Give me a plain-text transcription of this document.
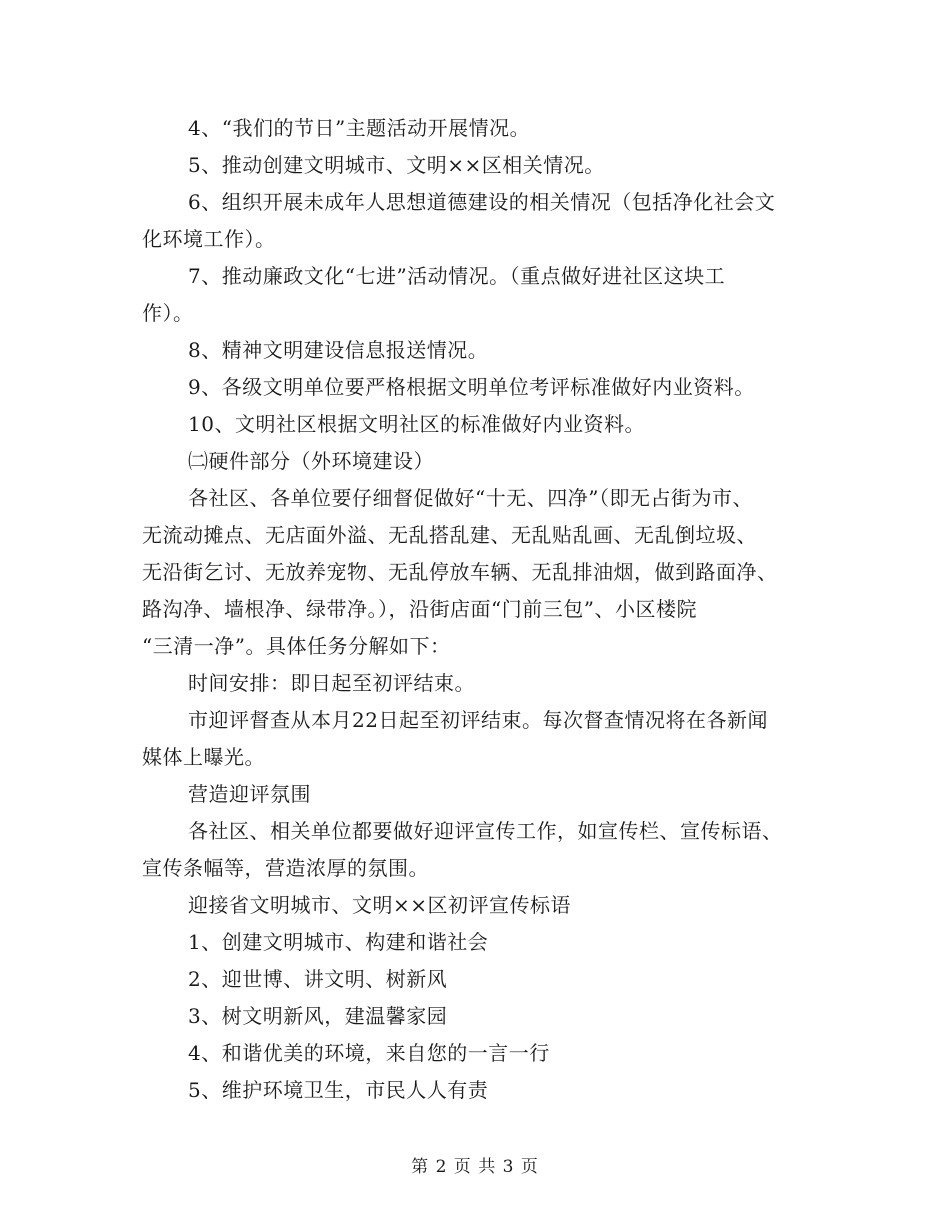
4、“我们的节日”主题活动开展情况。
5、推动创建文明城市、文明××区相关情况。
6、组织开展未成年人思想道德建设的相关情况（包括净化社会文
化环境工作）。
7、推动廉政文化“七进”活动情况。（重点做好进社区这块工
作）。
8、精神文明建设信息报送情况。
9、各级文明单位要严格根据文明单位考评标准做好内业资料。
10、文明社区根据文明社区的标准做好内业资料。
㈡硬件部分（外环境建设）
各社区、各单位要仔细督促做好“十无、四净”（即无占街为市、
无流动摊点、无店面外溢、无乱搭乱建、无乱贴乱画、无乱倒垃圾、
无沿街乞讨、无放养宠物、无乱停放车辆、无乱排油烟，做到路面净、
路沟净、墙根净、绿带净。），沿街店面“门前三包”、小区楼院
“三清一净”。具体任务分解如下：
时间安排：即日起至初评结束。
市迎评督查从本月22日起至初评结束。每次督查情况将在各新闻
媒体上曝光。
营造迎评氛围
各社区、相关单位都要做好迎评宣传工作，如宣传栏、宣传标语、
宣传条幅等，营造浓厚的氛围。
迎接省文明城市、文明××区初评宣传标语
1、创建文明城市、构建和谐社会
2、迎世博、讲文明、树新风
3、树文明新风，建温馨家园
4、和谐优美的环境，来自您的一言一行
5、维护环境卫生，市民人人有责
第 2 页 共 3 页
